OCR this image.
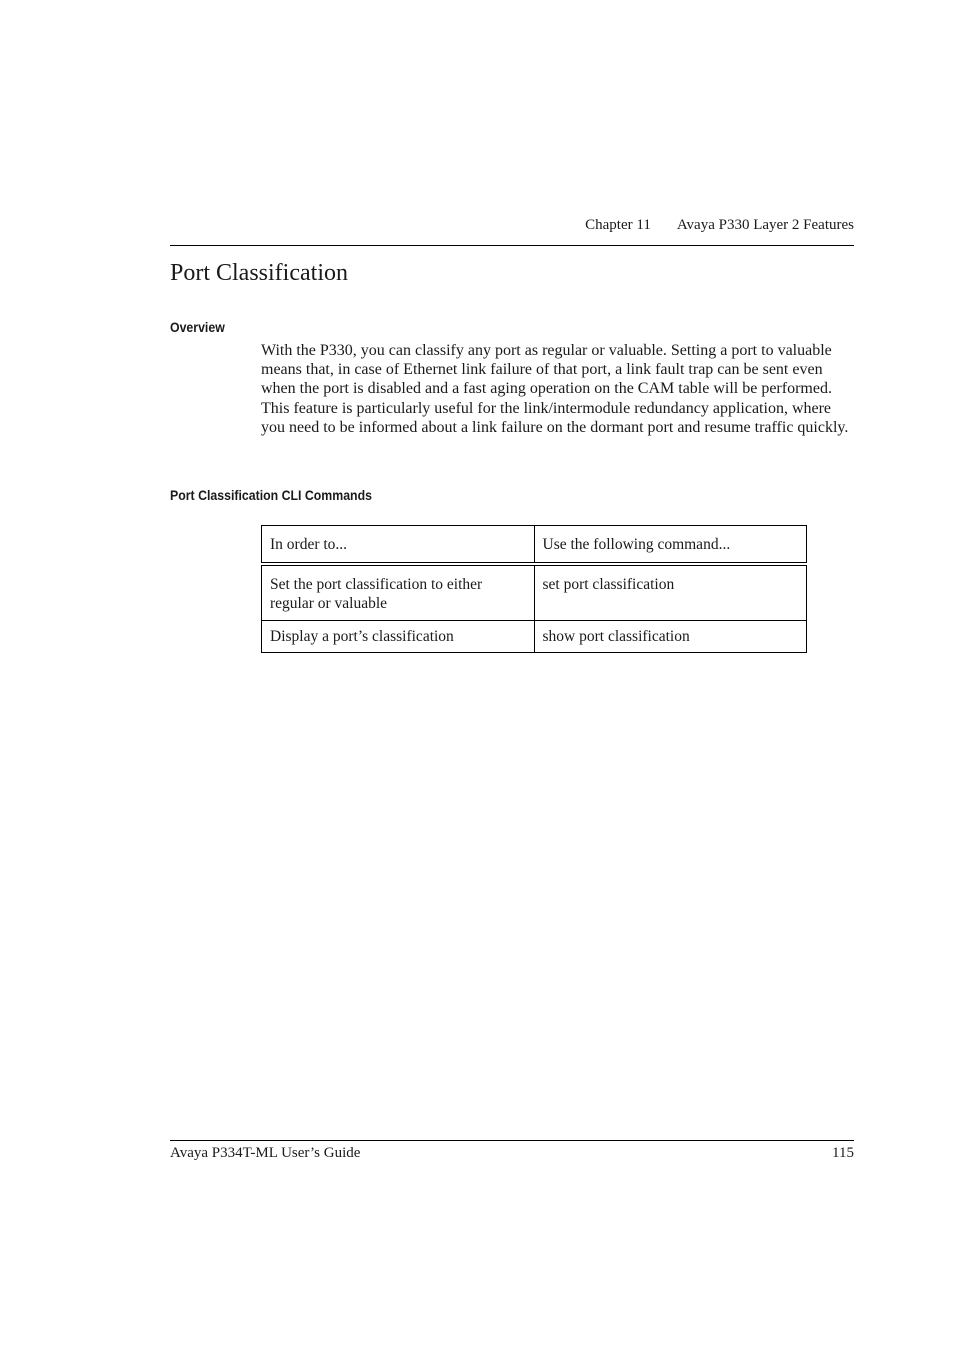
Chapter 11 Avaya P330 Layer 2 Features
Port Classification
Overview

With the P330, you can classify any port as regular or valuable. Setting a port to valuable means that, in case of Ethernet link failure of that port, a link fault trap can be sent even when the port is disabled and a fast aging operation on the CAM table will be performed. This feature is particularly useful for the link/intermodule redundancy application, where you need to be informed about a link failure on the dormant port and resume traffic quickly.

Port Classification CLI Commands
In order to...	Use the following command...
Set the port classification to either regular or valuable	set port classification
Display a port’s classification	show port classification
Avaya P334T-ML User’s Guide	115
